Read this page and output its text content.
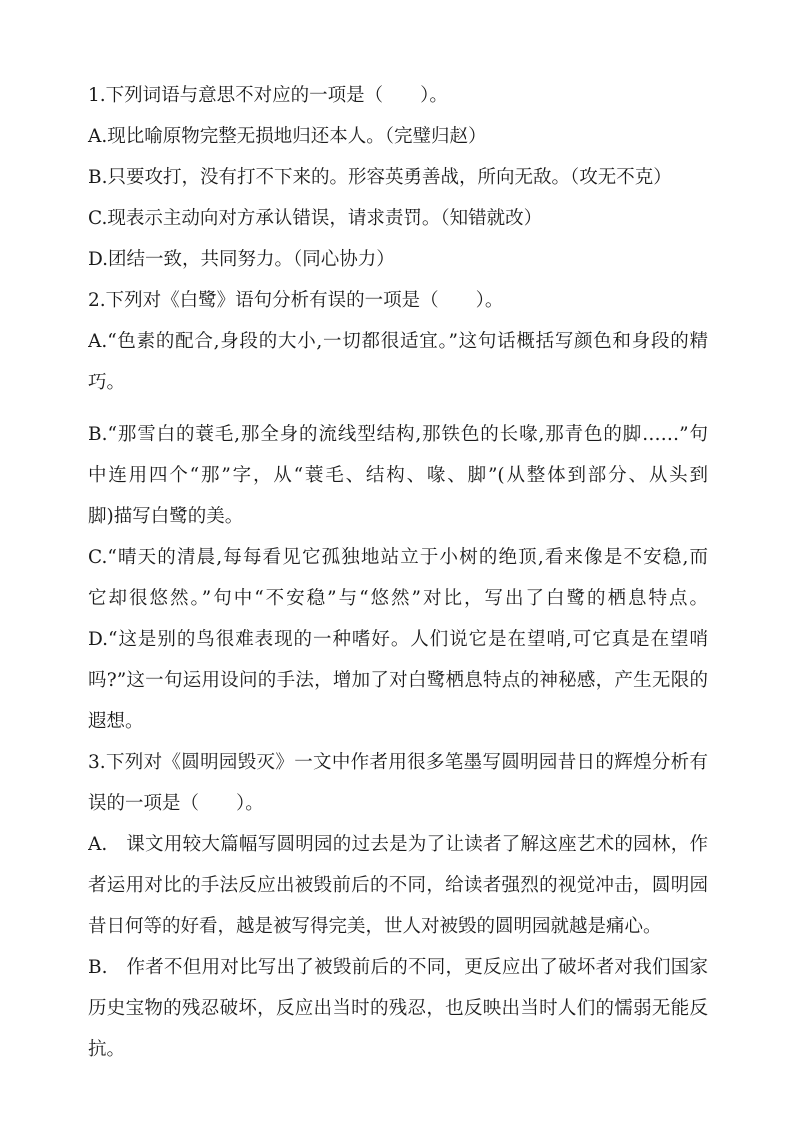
1.下列词语与意思不对应的一项是（　　）。
A.现比喻原物完整无损地归还本人。（完璧归赵）
B.只要攻打，没有打不下来的。形容英勇善战，所向无敌。（攻无不克）
C.现表示主动向对方承认错误，请求责罚。（知错就改）
D.团结一致，共同努力。（同心协力）
2.下列对《白鹭》语句分析有误的一项是（　　）。
A.“色素的配合,身段的大小,一切都很适宜。”这句话概括写颜色和身段的精
巧。
B.“那雪白的蓑毛,那全身的流线型结构,那铁色的长喙,那青色的脚……”句
中连用四个“那”字，从“蓑毛、结构、喙、脚”(从整体到部分、从头到
脚)描写白鹭的美。
C.“晴天的清晨,每每看见它孤独地站立于小树的绝顶,看来像是不安稳,而
它却很悠然。”句中“不安稳”与“悠然”对比，写出了白鹭的栖息特点。
D.“这是别的鸟很难表现的一种嗜好。人们说它是在望哨,可它真是在望哨
吗?”这一句运用设问的手法，增加了对白鹭栖息特点的神秘感，产生无限的
遐想。
3.下列对《圆明园毁灭》一文中作者用很多笔墨写圆明园昔日的辉煌分析有
误的一项是（　　）。
A.　课文用较大篇幅写圆明园的过去是为了让读者了解这座艺术的园林，作
者运用对比的手法反应出被毁前后的不同，给读者强烈的视觉冲击，圆明园
昔日何等的好看，越是被写得完美，世人对被毁的圆明园就越是痛心。
B.　作者不但用对比写出了被毁前后的不同，更反应出了破坏者对我们国家
历史宝物的残忍破坏，反应出当时的残忍，也反映出当时人们的懦弱无能反
抗。
